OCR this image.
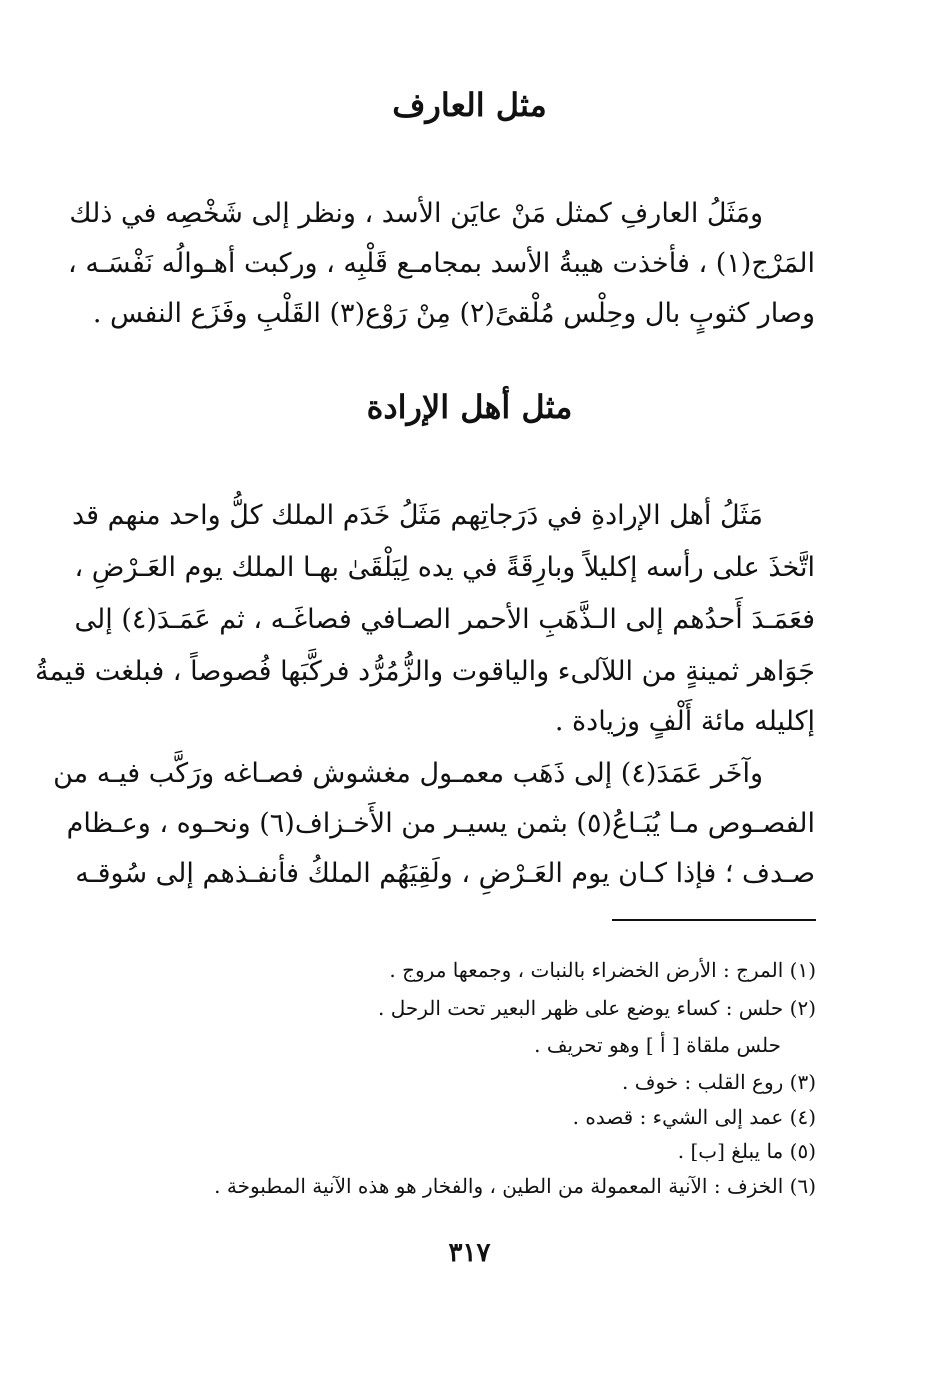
مثل العارف
ومَثَلُ العارفِ كمثل مَنْ عايَن الأسد ، ونظر إلى شَخْصِه في ذلك
المَرْج(١) ، فأخذت هيبةُ الأسد بمجامـع قَلْبِه ، وركبت أهـوالُه نَفْسَـه ،
وصار كثوبٍ بال وحِلْس مُلْقىً(٢) مِنْ رَوْع(٣) القَلْبِ وفَزَع النفس .
مثل أهل الإرادة
مَثَلُ أهل الإرادةِ في دَرَجاتِهم مَثَلُ خَدَم الملك كلُّ واحد منهم قد
اتَّخذَ على رأسه إكليلاً وبارِقَةً في يده لِيَلْقَىٰ بهـا الملك يوم العَـرْضِ ،
فعَمَـدَ أَحدُهم إلى الـذَّهَبِ الأحمر الصـافي فصاغَـه ، ثم عَمَـدَ(٤) إلى
جَوَاهر ثمينةٍ من اللآلىء والياقوت والزُّمُرُّد فركَّبَها فُصوصاً ، فبلغت قيمةُ
إكليله مائة أَلْفٍ وزيادة .
وآخَر عَمَدَ(٤) إلى ذَهَب معمـول مغشوش فصـاغه ورَكَّب فيـه من
الفصـوص مـا يُبَـاعُ(٥) بثمن يسيـر من الأَخـزاف(٦) ونحـوه ، وعـظام
صـدف ؛ فإذا كـان يوم العَـرْضِ ، ولَقِيَهُم الملكُ فأنفـذهم إلى سُوقـه
(١) المرج : الأرض الخضراء بالنبات ، وجمعها مروج .
(٢) حلس : كساء يوضع على ظهر البعير تحت الرحل .
حلس ملقاة [ أ ] وهو تحريف .
(٣) روع القلب : خوف .
(٤) عمد إلى الشيء : قصده .
(٥) ما يبلغ [ب] .
(٦) الخزف : الآنية المعمولة من الطين ، والفخار هو هذه الآنية المطبوخة .
٣١٧
